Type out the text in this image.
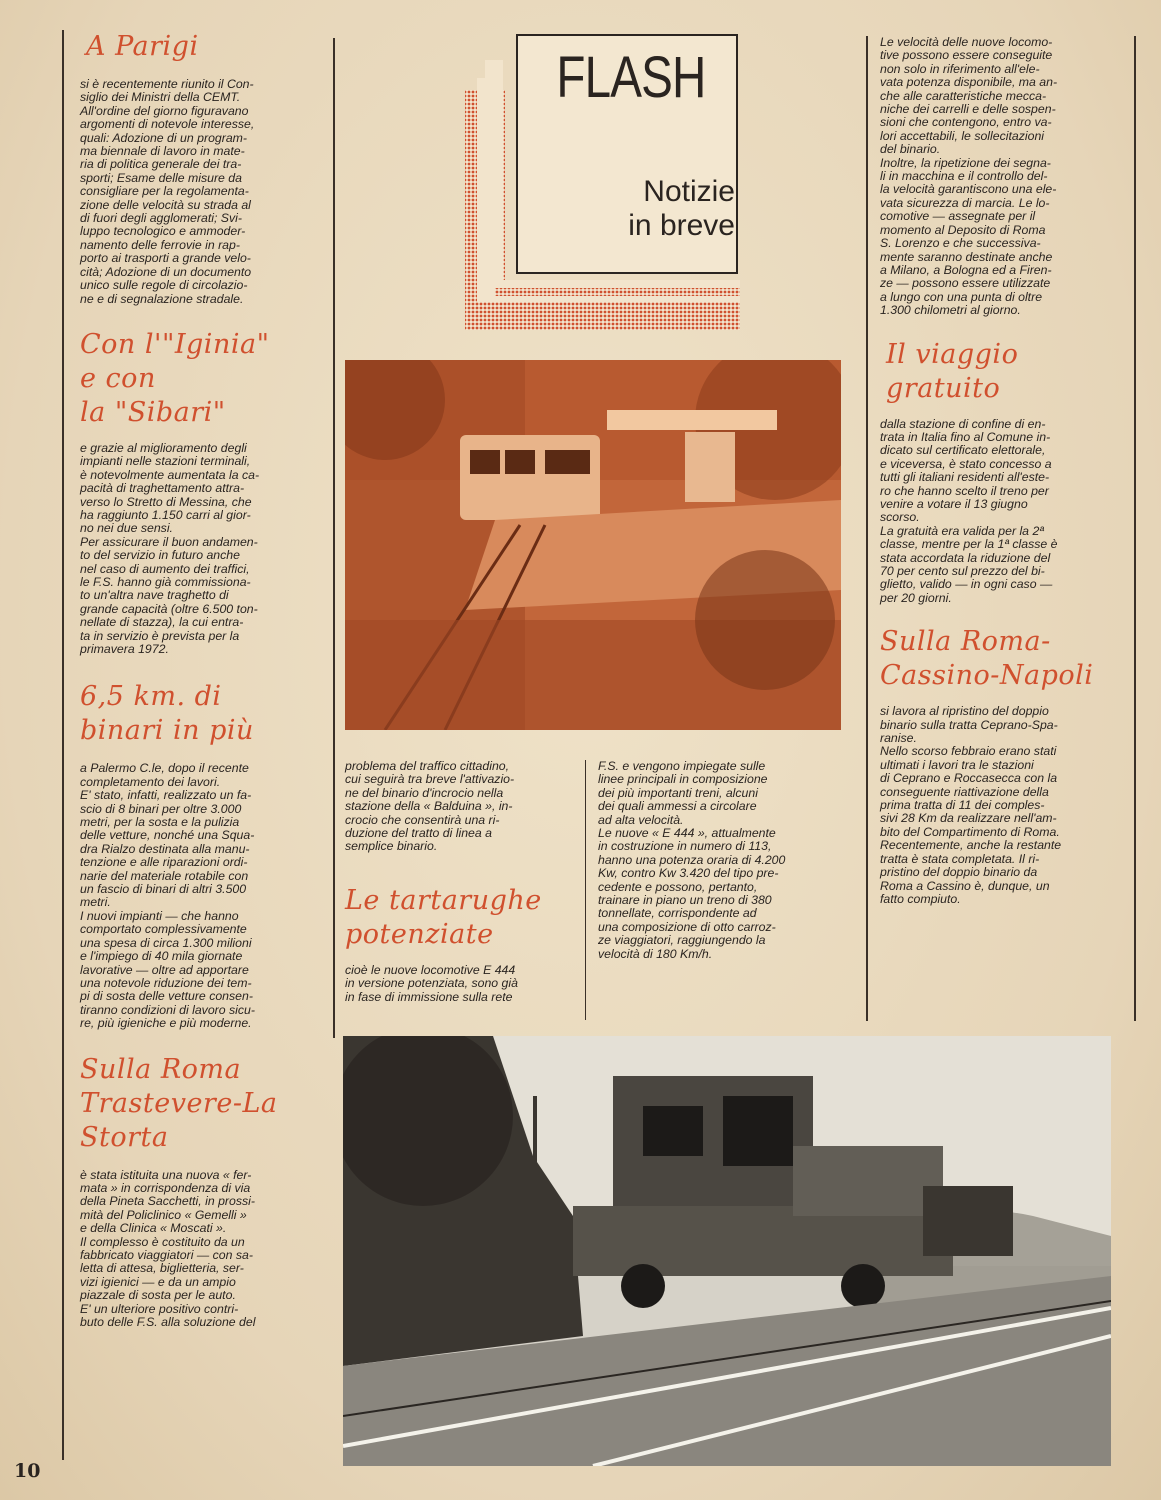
A Parigi
si è recentemente riunito il Con-
siglio dei Ministri della CEMT.
All'ordine del giorno figuravano
argomenti di notevole interesse,
quali: Adozione di un program-
ma biennale di lavoro in mate-
ria di politica generale dei tra-
sporti; Esame delle misure da
consigliare per la regolamenta-
zione delle velocità su strada al
di fuori degli agglomerati; Svi-
luppo tecnologico e ammoder-
namento delle ferrovie in rap-
porto ai trasporti a grande velo-
cità; Adozione di un documento
unico sulle regole di circolazio-
ne e di segnalazione stradale.
Con l'"Iginia"
e con
la "Sibari"
e grazie al miglioramento degli
impianti nelle stazioni terminali,
è notevolmente aumentata la ca-
pacità di traghettamento attra-
verso lo Stretto di Messina, che
ha raggiunto 1.150 carri al gior-
no nei due sensi.
Per assicurare il buon andamen-
to del servizio in futuro anche
nel caso di aumento dei traffici,
le F.S. hanno già commissiona-
to un'altra nave traghetto di
grande capacità (oltre 6.500 ton-
nellate di stazza), la cui entra-
ta in servizio è prevista per la
primavera 1972.
6,5 km. di
binari in più
a Palermo C.le, dopo il recente
completamento dei lavori.
E' stato, infatti, realizzato un fa-
scio di 8 binari per oltre 3.000
metri, per la sosta e la pulizia
delle vetture, nonché una Squa-
dra Rialzo destinata alla manu-
tenzione e alle riparazioni ordi-
narie del materiale rotabile con
un fascio di binari di altri 3.500
metri.
I nuovi impianti — che hanno
comportato complessivamente
una spesa di circa 1.300 milioni
e l'impiego di 40 mila giornate
lavorative — oltre ad apportare
una notevole riduzione dei tem-
pi di sosta delle vetture consen-
tiranno condizioni di lavoro sicu-
re, più igieniche e più moderne.
Sulla Roma
Trastevere-La
Storta
è stata istituita una nuova « fer-
mata » in corrispondenza di via
della Pineta Sacchetti, in prossi-
mità del Policlinico « Gemelli »
e della Clinica « Moscati ».
Il complesso è costituito da un
fabbricato viaggiatori — con sa-
letta di attesa, biglietteria, ser-
vizi igienici — e da un ampio
piazzale di sosta per le auto.
E' un ulteriore positivo contri-
buto delle F.S. alla soluzione del
FLASH
Notizie
in breve
problema del traffico cittadino,
cui seguirà tra breve l'attivazio-
ne del binario d'incrocio nella
stazione della « Balduina », in-
crocio che consentirà una ri-
duzione del tratto di linea a
semplice binario.
Le tartarughe
potenziate
cioè le nuove locomotive E 444
in versione potenziata, sono già
in fase di immissione sulla rete
F.S. e vengono impiegate sulle
linee principali in composizione
dei più importanti treni, alcuni
dei quali ammessi a circolare
ad alta velocità.
Le nuove « E 444 », attualmente
in costruzione in numero di 113,
hanno una potenza oraria di 4.200
Kw, contro Kw 3.420 del tipo pre-
cedente e possono, pertanto,
trainare in piano un treno di 380
tonnellate, corrispondente ad
una composizione di otto carroz-
ze viaggiatori, raggiungendo la
velocità di 180 Km/h.
Le velocità delle nuove locomo-
tive possono essere conseguite
non solo in riferimento all'ele-
vata potenza disponibile, ma an-
che alle caratteristiche mecca-
niche dei carrelli e delle sospen-
sioni che contengono, entro va-
lori accettabili, le sollecitazioni
del binario.
Inoltre, la ripetizione dei segna-
li in macchina e il controllo del-
la velocità garantiscono una ele-
vata sicurezza di marcia. Le lo-
comotive — assegnate per il
momento al Deposito di Roma
S. Lorenzo e che successiva-
mente saranno destinate anche
a Milano, a Bologna ed a Firen-
ze — possono essere utilizzate
a lungo con una punta di oltre
1.300 chilometri al giorno.
Il viaggio
gratuito
dalla stazione di confine di en-
trata in Italia fino al Comune in-
dicato sul certificato elettorale,
e viceversa, è stato concesso a
tutti gli italiani residenti all'este-
ro che hanno scelto il treno per
venire a votare il 13 giugno
scorso.
La gratuità era valida per la 2ª
classe, mentre per la 1ª classe è
stata accordata la riduzione del
70 per cento sul prezzo del bi-
glietto, valido — in ogni caso —
per 20 giorni.
Sulla Roma-
Cassino-Napoli
si lavora al ripristino del doppio
binario sulla tratta Ceprano-Spa-
ranise.
Nello scorso febbraio erano stati
ultimati i lavori tra le stazioni
di Ceprano e Roccasecca con la
conseguente riattivazione della
prima tratta di 11 dei comples-
sivi 28 Km da realizzare nell'am-
bito del Compartimento di Roma.
Recentemente, anche la restante
tratta è stata completata. Il ri-
pristino del doppio binario da
Roma a Cassino è, dunque, un
fatto compiuto.
10
